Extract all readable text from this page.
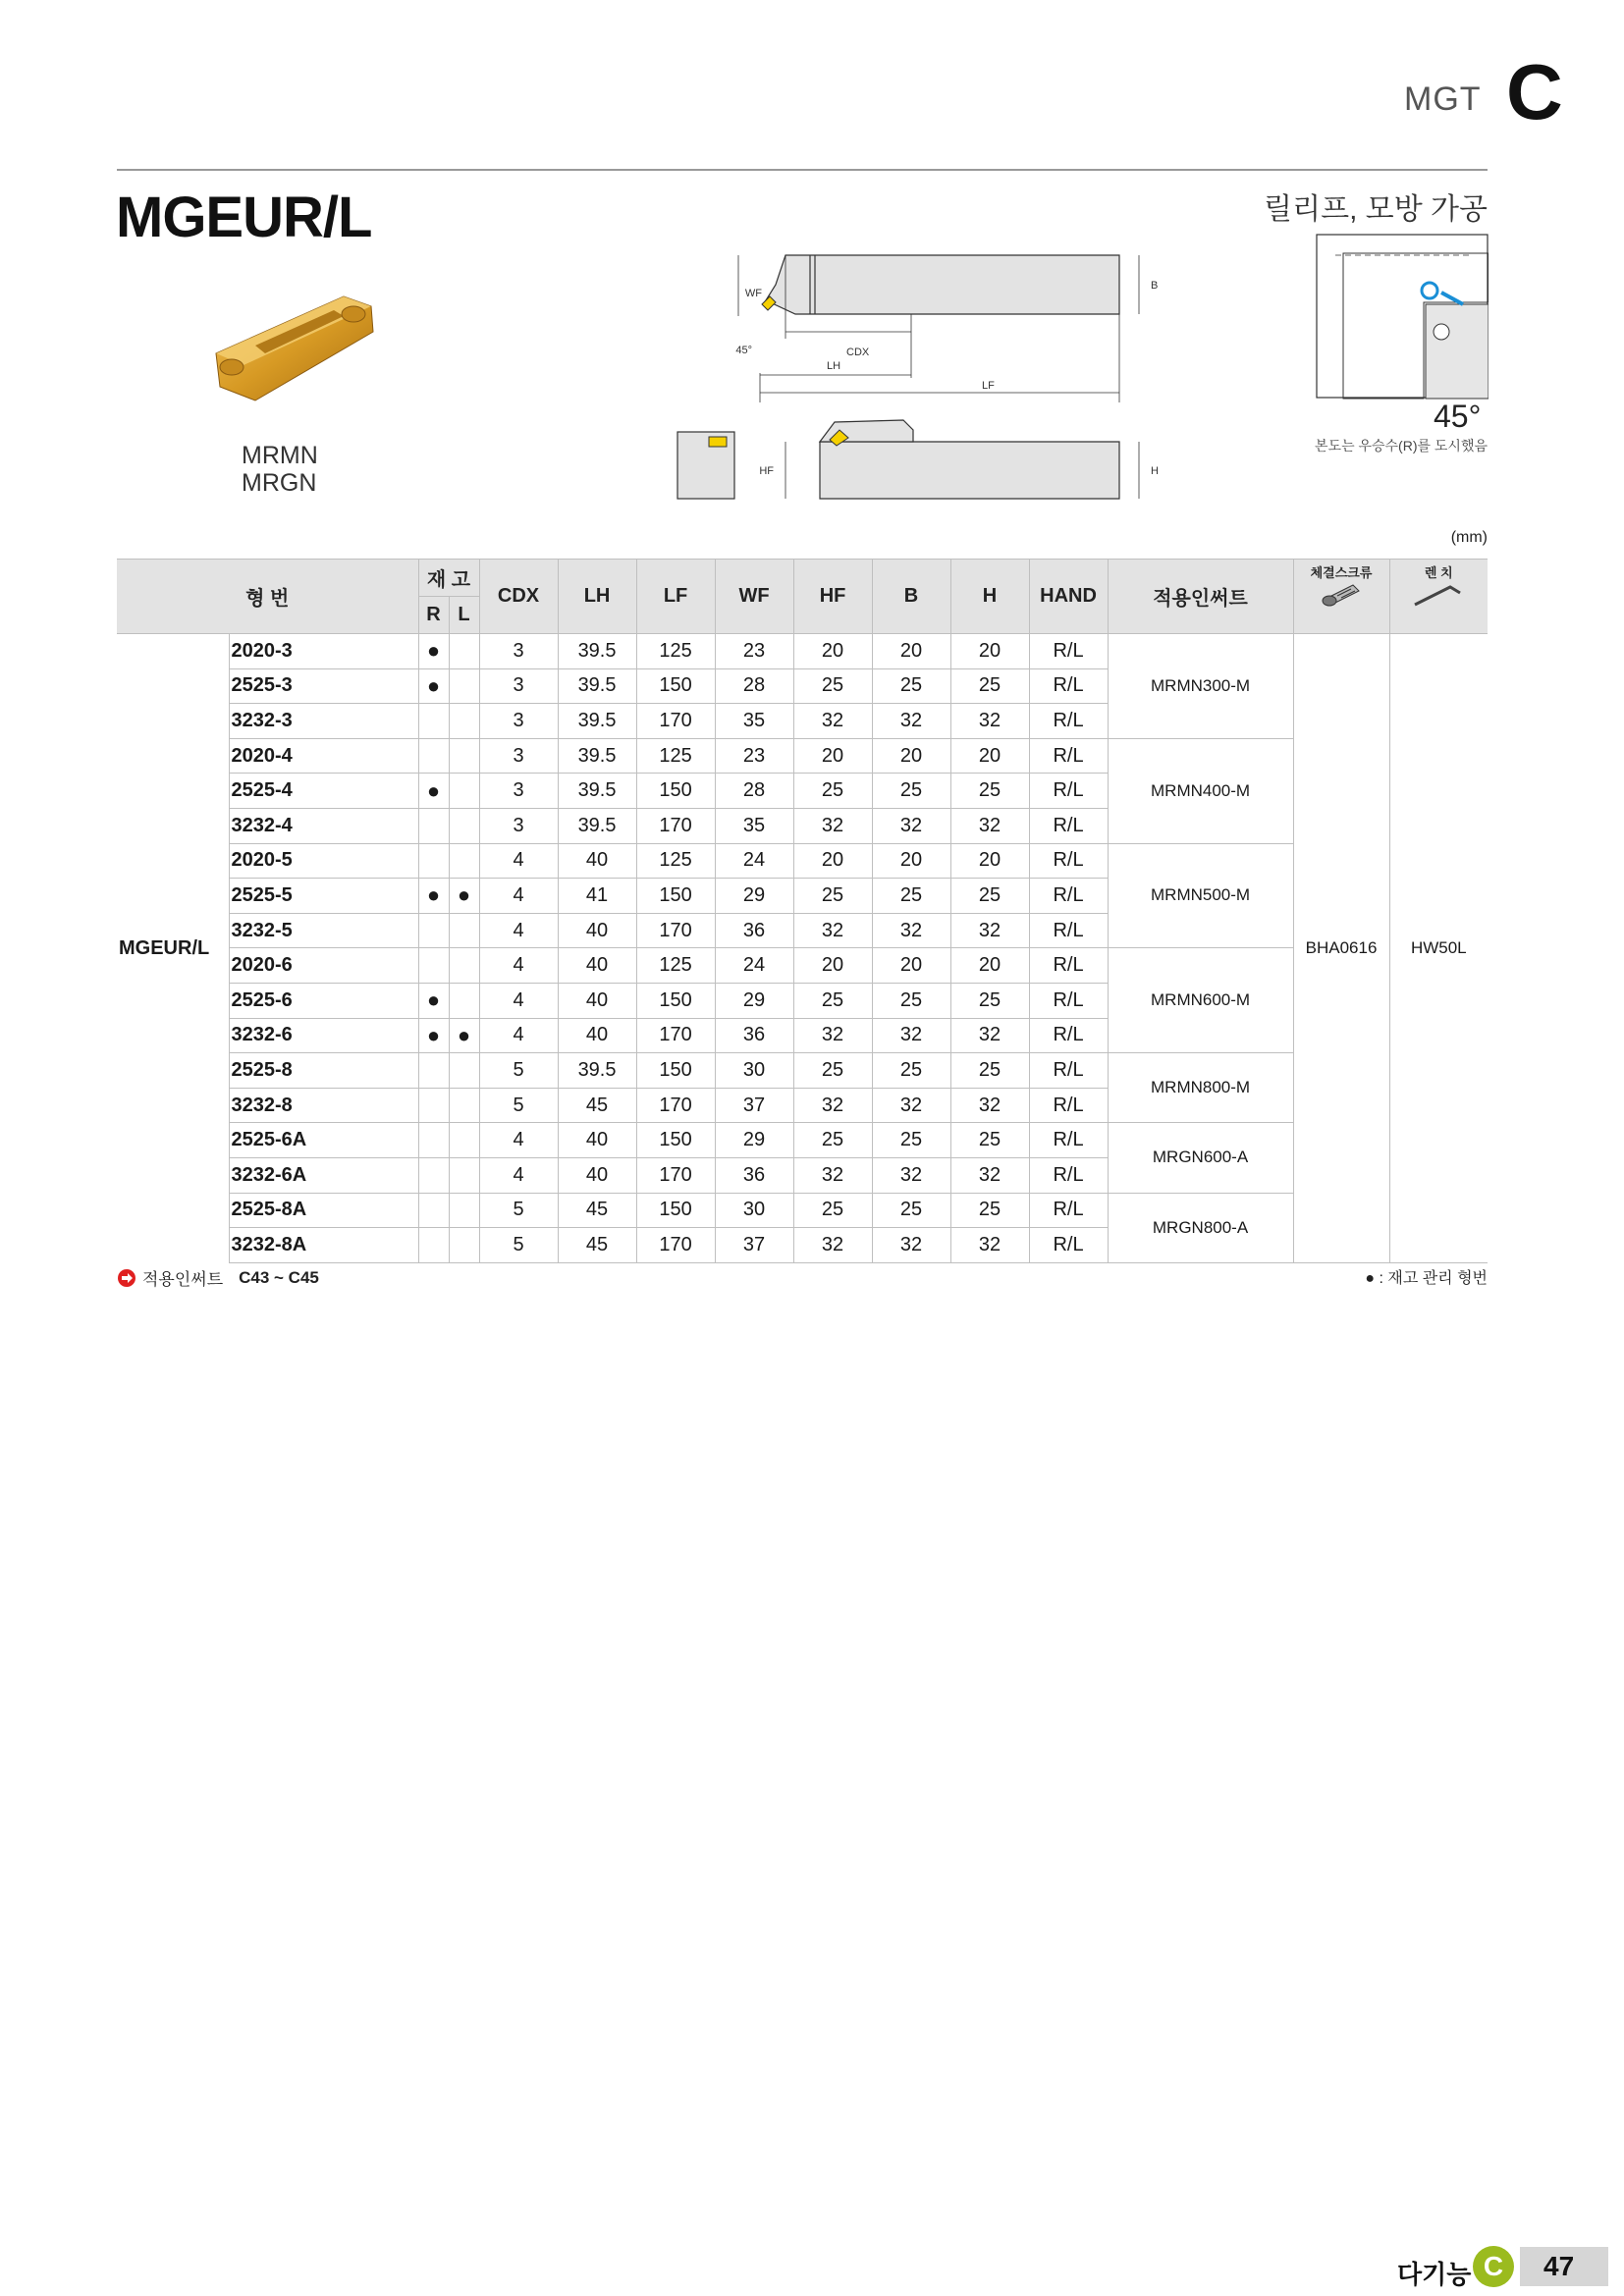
MGT C
MGEUR/L	릴리프, 모방 가공
MRMN
MRGN
WF
B
45°	CDX
LH
LF
HF	H
45°
본도는 우승수(R)를 도시했음
(mm)
형 번		재 고		CDX	LH	LF	WF	HF	B	H	HAND	적용인써트	체결스크류	렌 치

		R	L											
MGEUR/L	2020-3	●		3	39.5	125	23	20	20	20	R/L	MRMN300-M	BHA0616	HW50L
	2525-3	●		3	39.5	150	28	25	25	25	R/L			
	3232-3			3	39.5	170	35	32	32	32	R/L			
	2020-4			3	39.5	125	23	20	20	20	R/L	MRMN400-M		
	2525-4	●		3	39.5	150	28	25	25	25	R/L			
	3232-4			3	39.5	170	35	32	32	32	R/L			
	2020-5			4	40	125	24	20	20	20	R/L	MRMN500-M		
	2525-5	●	●	4	41	150	29	25	25	25	R/L			
	3232-5			4	40	170	36	32	32	32	R/L			
	2020-6			4	40	125	24	20	20	20	R/L	MRMN600-M		
	2525-6	●		4	40	150	29	25	25	25	R/L			
	3232-6	●	●	4	40	170	36	32	32	32	R/L			
	2525-8			5	39.5	150	30	25	25	25	R/L	MRMN800-M		
	3232-8			5	45	170	37	32	32	32	R/L			
	2525-6A			4	40	150	29	25	25	25	R/L	MRGN600-A		
	3232-6A			4	40	170	36	32	32	32	R/L			
	2525-8A			5	45	150	30	25	25	25	R/L	MRGN800-A		
	3232-8A			5	45	170	37	32	32	32	R/L			
적용인써트 C43 ~ C45	● : 재고 관리 형번
다기능 C	47
